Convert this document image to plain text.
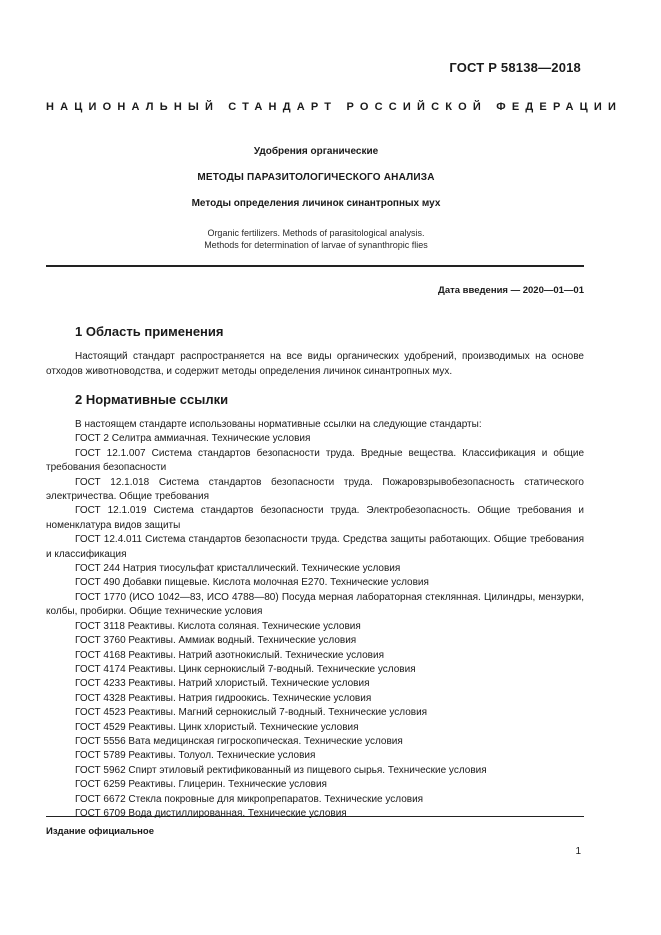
ГОСТ Р 58138—2018
НАЦИОНАЛЬНЫЙ СТАНДАРТ РОССИЙСКОЙ ФЕДЕРАЦИИ
Удобрения органические
МЕТОДЫ ПАРАЗИТОЛОГИЧЕСКОГО АНАЛИЗА
Методы определения личинок синантропных мух
Organic fertilizers. Methods of parasitological analysis.
Methods for determination of larvae of synanthropic flies
Дата введения — 2020—01—01
1 Область применения

Настоящий стандарт распространяется на все виды органических удобрений, производимых на основе отходов животноводства, и содержит методы определения личинок синантропных мух.

2 Нормативные ссылки

В настоящем стандарте использованы нормативные ссылки на следующие стандарты:

ГОСТ 2 Селитра аммиачная. Технические условия

ГОСТ 12.1.007 Система стандартов безопасности труда. Вредные вещества. Классификация и общие требования безопасности

ГОСТ 12.1.018 Система стандартов безопасности труда. Пожаровзрывобезопасность статического электричества. Общие требования

ГОСТ 12.1.019 Система стандартов безопасности труда. Электробезопасность. Общие требования и номенклатура видов защиты

ГОСТ 12.4.011 Система стандартов безопасности труда. Средства защиты работающих. Общие требования и классификация

ГОСТ 244 Натрия тиосульфат кристаллический. Технические условия

ГОСТ 490 Добавки пищевые. Кислота молочная Е270. Технические условия

ГОСТ 1770 (ИСО 1042—83, ИСО 4788—80) Посуда мерная лабораторная стеклянная. Цилиндры, мензурки, колбы, пробирки. Общие технические условия

ГОСТ 3118 Реактивы. Кислота соляная. Технические условия

ГОСТ 3760 Реактивы. Аммиак водный. Технические условия

ГОСТ 4168 Реактивы. Натрий азотнокислый. Технические условия

ГОСТ 4174 Реактивы. Цинк сернокислый 7-водный. Технические условия

ГОСТ 4233 Реактивы. Натрий хлористый. Технические условия

ГОСТ 4328 Реактивы. Натрия гидроокись. Технические условия

ГОСТ 4523 Реактивы. Магний сернокислый 7-водный. Технические условия

ГОСТ 4529 Реактивы. Цинк хлористый. Технические условия

ГОСТ 5556 Вата медицинская гигроскопическая. Технические условия

ГОСТ 5789 Реактивы. Толуол. Технические условия

ГОСТ 5962 Спирт этиловый ректификованный из пищевого сырья. Технические условия

ГОСТ 6259 Реактивы. Глицерин. Технические условия

ГОСТ 6672 Стекла покровные для микропрепаратов. Технические условия

ГОСТ 6709 Вода дистиллированная. Технические условия

Издание официальное
1
